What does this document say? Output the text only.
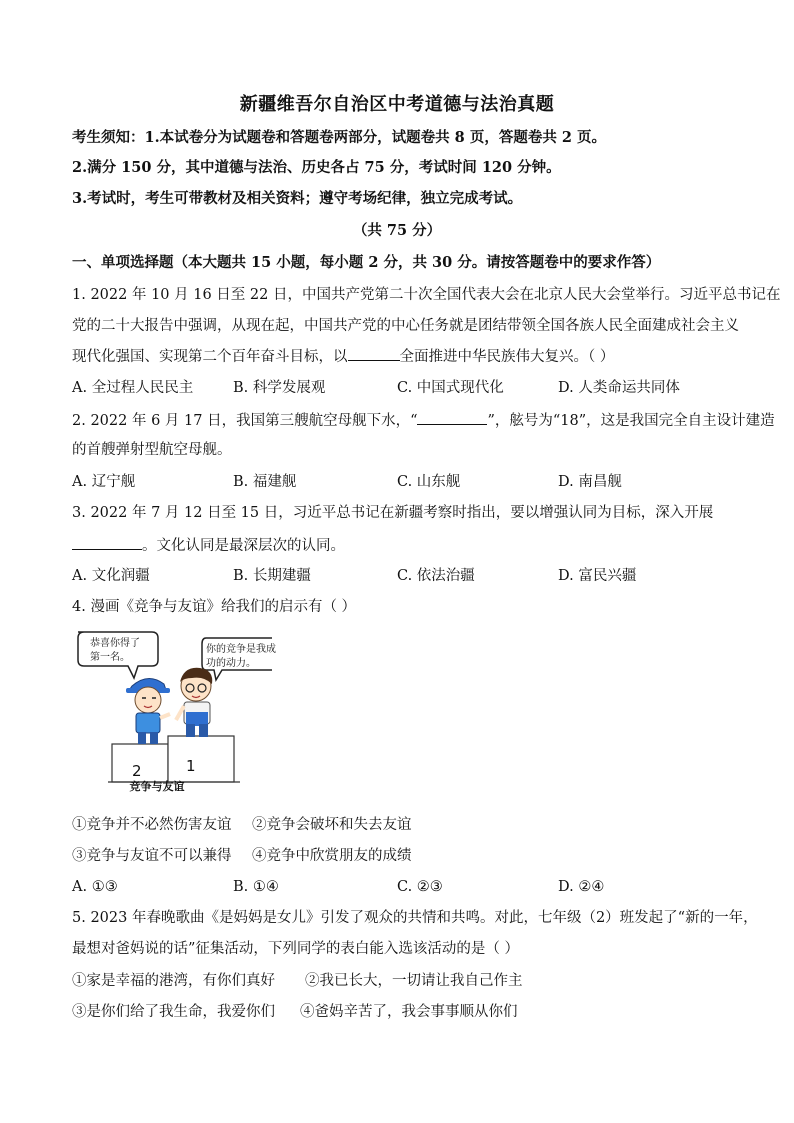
新疆维吾尔自治区中考道德与法治真题
考生须知：1.本试卷分为试题卷和答题卷两部分，试题卷共 8 页，答题卷共 2 页。
2.满分 150 分，其中道德与法治、历史各占 75 分，考试时间 120 分钟。
3.考试时，考生可带教材及相关资料；遵守考场纪律，独立完成考试。
（共 75 分）
一、单项选择题（本大题共 15 小题，每小题 2 分，共 30 分。请按答题卷中的要求作答）
1. 2022 年 10 月 16 日至 22 日，中国共产党第二十次全国代表大会在北京人民大会堂举行。习近平总书记在
党的二十大报告中强调，从现在起，中国共产党的中心任务就是团结带领全国各族人民全面建成社会主义
现代化强国、实现第二个百年奋斗目标，以	全面推进中华民族伟大复兴。（ ）
A. 全过程人民民主	B. 科学发展观	C. 中国式现代化	D. 人类命运共同体
2. 2022 年 6 月 17 日，我国第三艘航空母舰下水，“	”，舷号为“18”，这是我国完全自主设计建造
的首艘弹射型航空母舰。
A. 辽宁舰	B. 福建舰	C. 山东舰	D. 南昌舰
3. 2022 年 7 月 12 日至 15 日，习近平总书记在新疆考察时指出，要以增强认同为目标，深入开展
。文化认同是最深层次的认同。
A. 文化润疆	B. 长期建疆	C. 依法治疆	D. 富民兴疆
4. 漫画《竞争与友谊》给我们的启示有（ ）
恭喜你得了
第一名。
你的竞争是我成
功的动力。
2	1
竞争与友谊
①竞争并不必然伤害友谊 ②竞争会破坏和失去友谊
③竞争与友谊不可以兼得 ④竞争中欣赏朋友的成绩
A. ①③	B. ①④	C. ②③	D. ②④
5. 2023 年春晚歌曲《是妈妈是女儿》引发了观众的共情和共鸣。对此，七年级（2）班发起了“新的一年，
最想对爸妈说的话”征集活动，下列同学的表白能入选该活动的是（ ）
①家是幸福的港湾，有你们真好 ②我已长大，一切请让我自己作主
③是你们给了我生命，我爱你们 ④爸妈辛苦了，我会事事顺从你们
